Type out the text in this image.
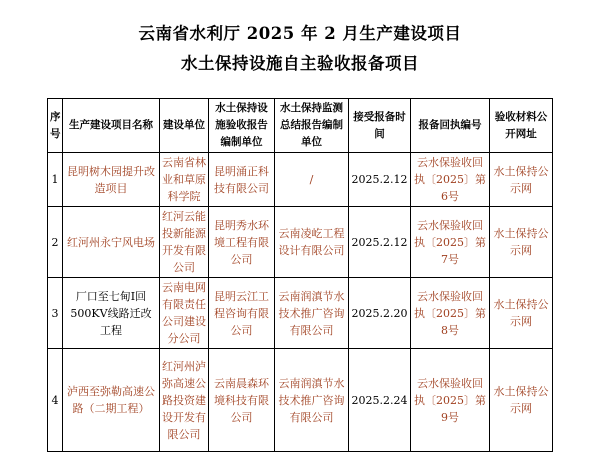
云南省水利厅 2025 年 2 月生产建设项目
水土保持设施自主验收报备项目
序号	生产建设项目名称	建设单位	水土保持设施验收报告编制单位	水土保持监测总结报告编制单位	接受报备时间	报备回执编号	验收材料公开网址
1	昆明树木园提升改造项目	云南省林业和草原科学院	昆明涌正科技有限公司	/	2025.2.12	云水保验收回执〔2025〕第6号	水土保持公示网
2	红河州永宁风电场	红河云能投新能源开发有限公司	昆明秀水环境工程有限公司	云南凌屹工程设计有限公司	2025.2.12	云水保验收回执〔2025〕第7号	水土保持公示网
3	厂口至七甸Ⅰ回500KV线路迁改工程	云南电网有限责任公司建设分公司	昆明云江工程咨询有限公司	云南润滇节水技术推广咨询有限公司	2025.2.20	云水保验收回执〔2025〕第8号	水土保持公示网
4	泸西至弥勒高速公路（二期工程）	红河州泸弥高速公路投资建设开发有限公司	云南晨森环境科技有限公司	云南润滇节水技术推广咨询有限公司	2025.2.24	云水保验收回执〔2025〕第9号	水土保持公示网
